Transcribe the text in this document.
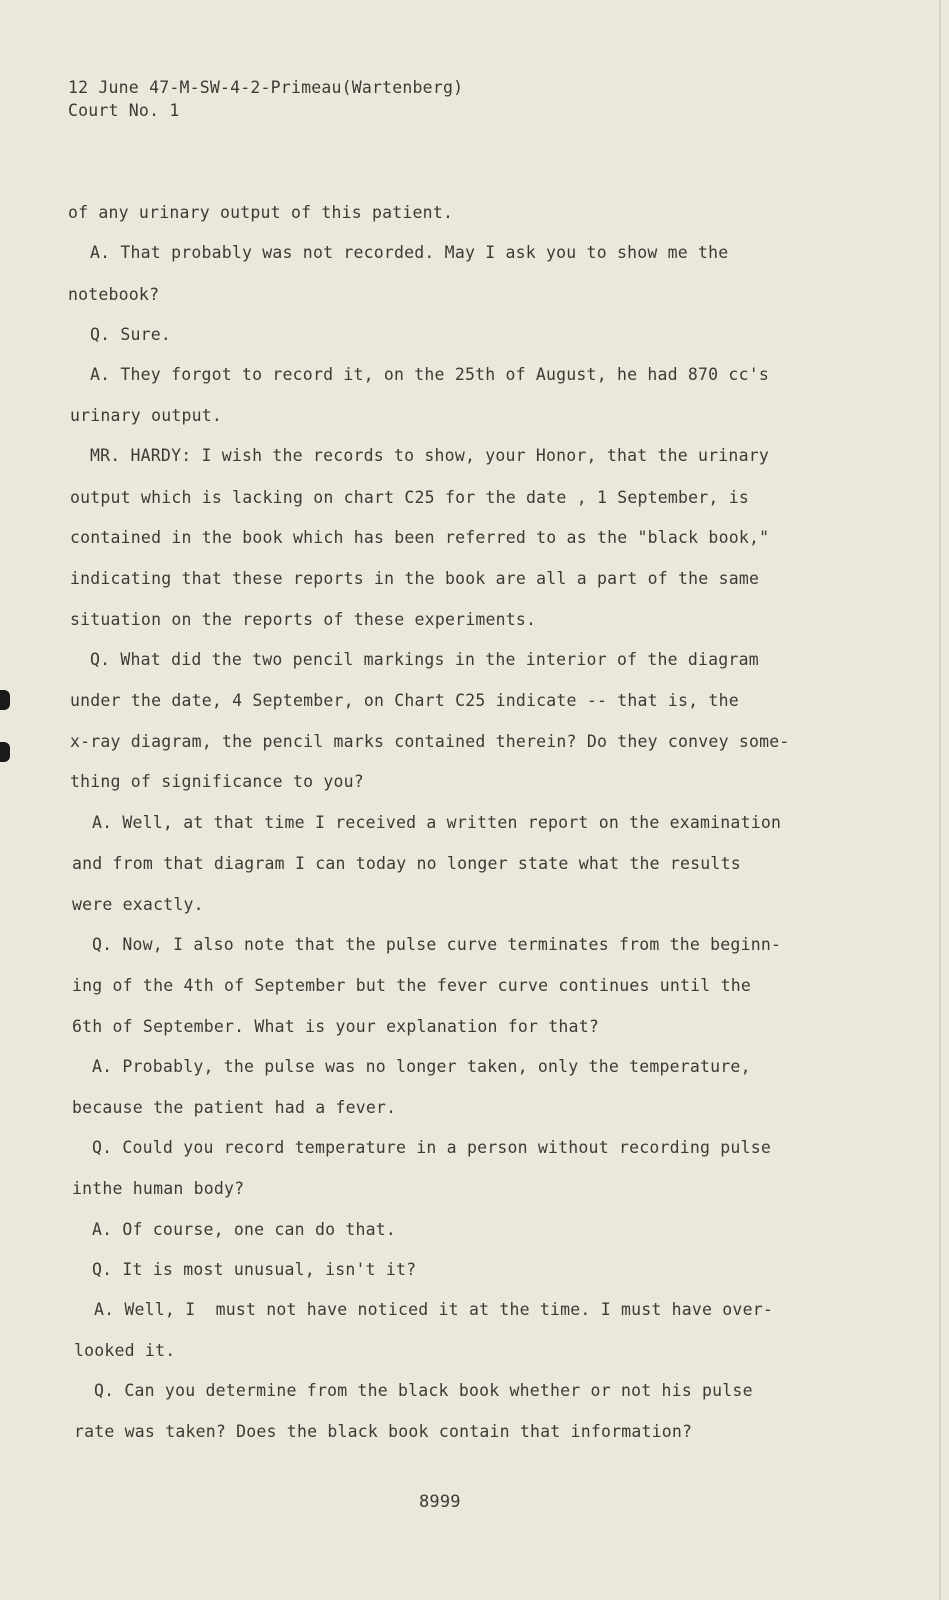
12 June 47-M-SW-4-2-Primeau(Wartenberg)
Court No. 1
of any urinary output of this patient.
A. That probably was not recorded. May I ask you to show me the
notebook?
Q. Sure.
A. They forgot to record it, on the 25th of August, he had 870 cc's
urinary output.
MR. HARDY: I wish the records to show, your Honor, that the urinary
output which is lacking on chart C25 for the date , 1 September, is
contained in the book which has been referred to as the "black book,"
indicating that these reports in the book are all a part of the same
situation on the reports of these experiments.
Q. What did the two pencil markings in the interior of the diagram
under the date, 4 September, on Chart C25 indicate -- that is, the
x-ray diagram, the pencil marks contained therein? Do they convey some-
thing of significance to you?
A. Well, at that time I received a written report on the examination
and from that diagram I can today no longer state what the results
were exactly.
Q. Now, I also note that the pulse curve terminates from the beginn-
ing of the 4th of September but the fever curve continues until the
6th of September. What is your explanation for that?
A. Probably, the pulse was no longer taken, only the temperature,
because the patient had a fever.
Q. Could you record temperature in a person without recording pulse
inthe human body?
A. Of course, one can do that.
Q. It is most unusual, isn't it?
A. Well, I  must not have noticed it at the time. I must have over-
looked it.
Q. Can you determine from the black book whether or not his pulse
rate was taken? Does the black book contain that information?
8999
